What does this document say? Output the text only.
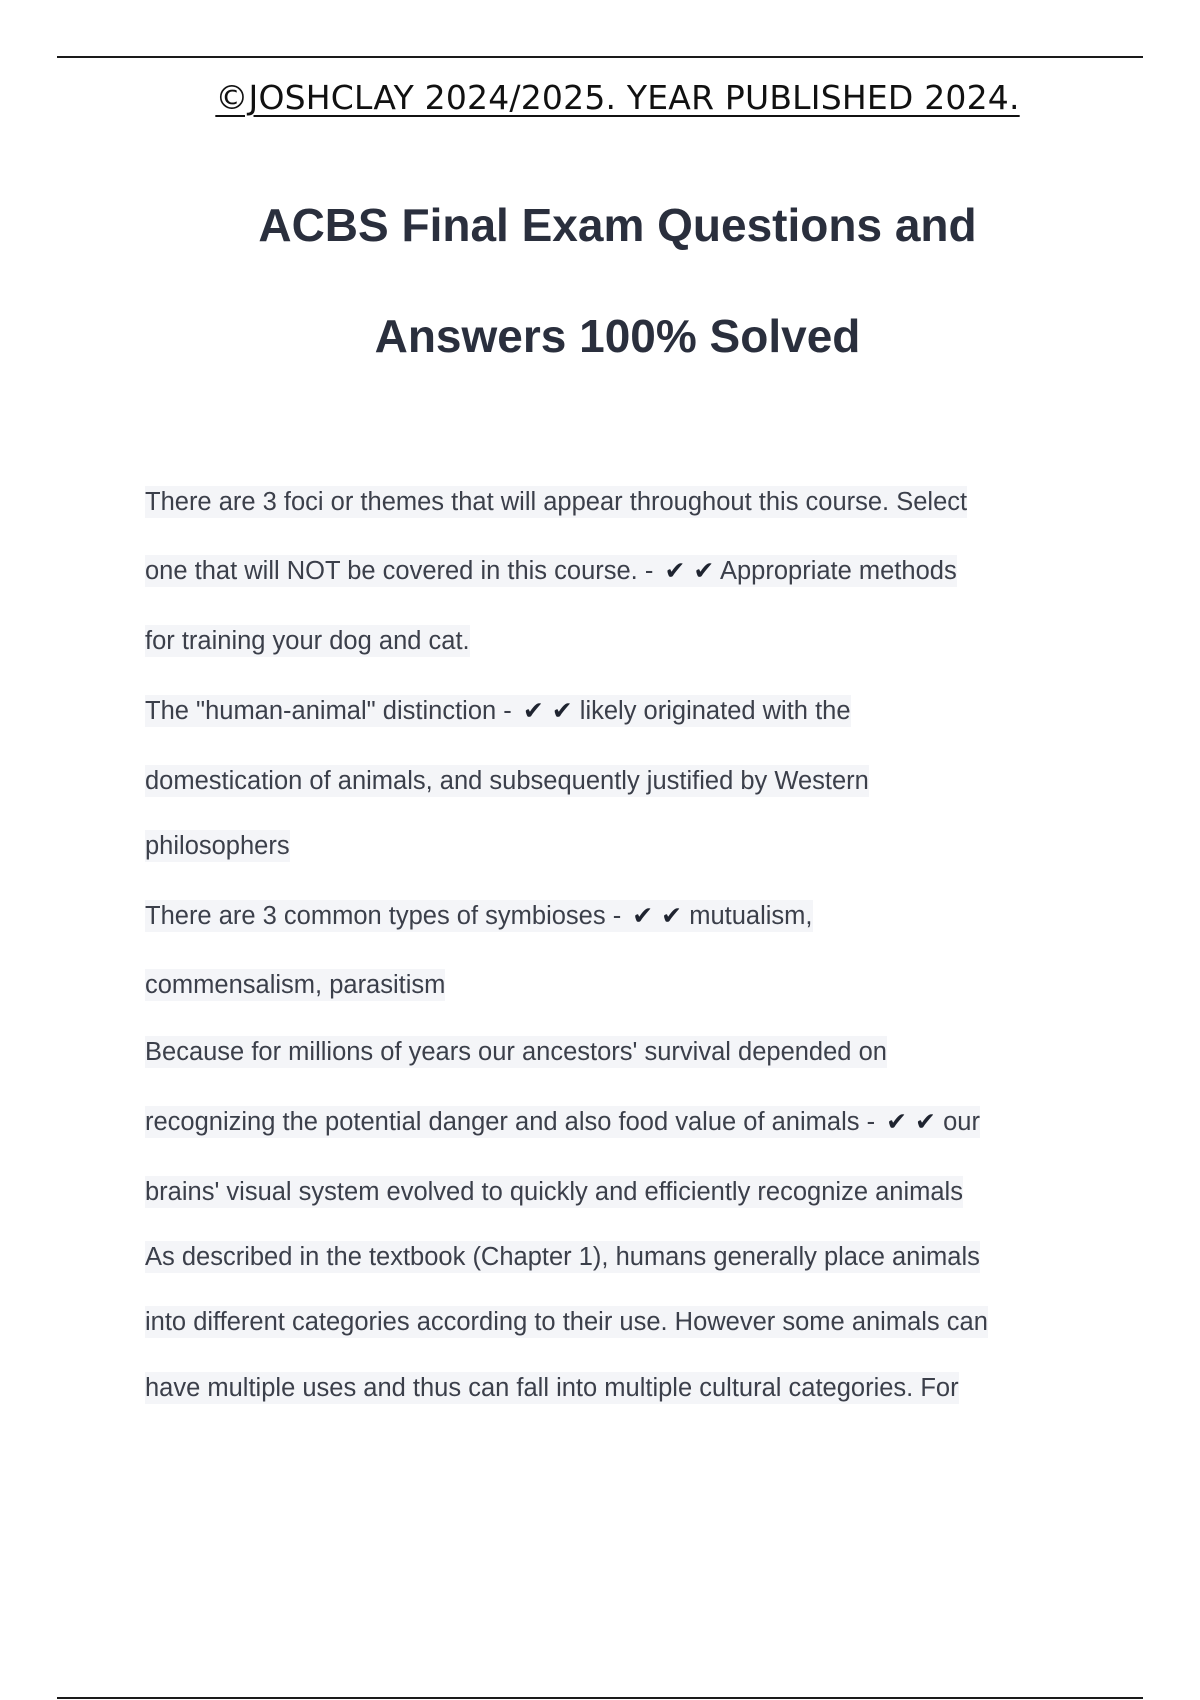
©JOSHCLAY 2024/2025. YEAR PUBLISHED 2024.
ACBS Final Exam Questions and
Answers 100% Solved
There are 3 foci or themes that will appear throughout this course. Select
one that will NOT be covered in this course. - ✔ ✔ Appropriate methods
for training your dog and cat.
The "human-animal" distinction - ✔ ✔ likely originated with the
domestication of animals, and subsequently justified by Western
philosophers
There are 3 common types of symbioses - ✔ ✔ mutualism,
commensalism, parasitism
Because for millions of years our ancestors' survival depended on
recognizing the potential danger and also food value of animals - ✔ ✔ our
brains' visual system evolved to quickly and efficiently recognize animals
As described in the textbook (Chapter 1), humans generally place animals
into different categories according to their use. However some animals can
have multiple uses and thus can fall into multiple cultural categories. For
